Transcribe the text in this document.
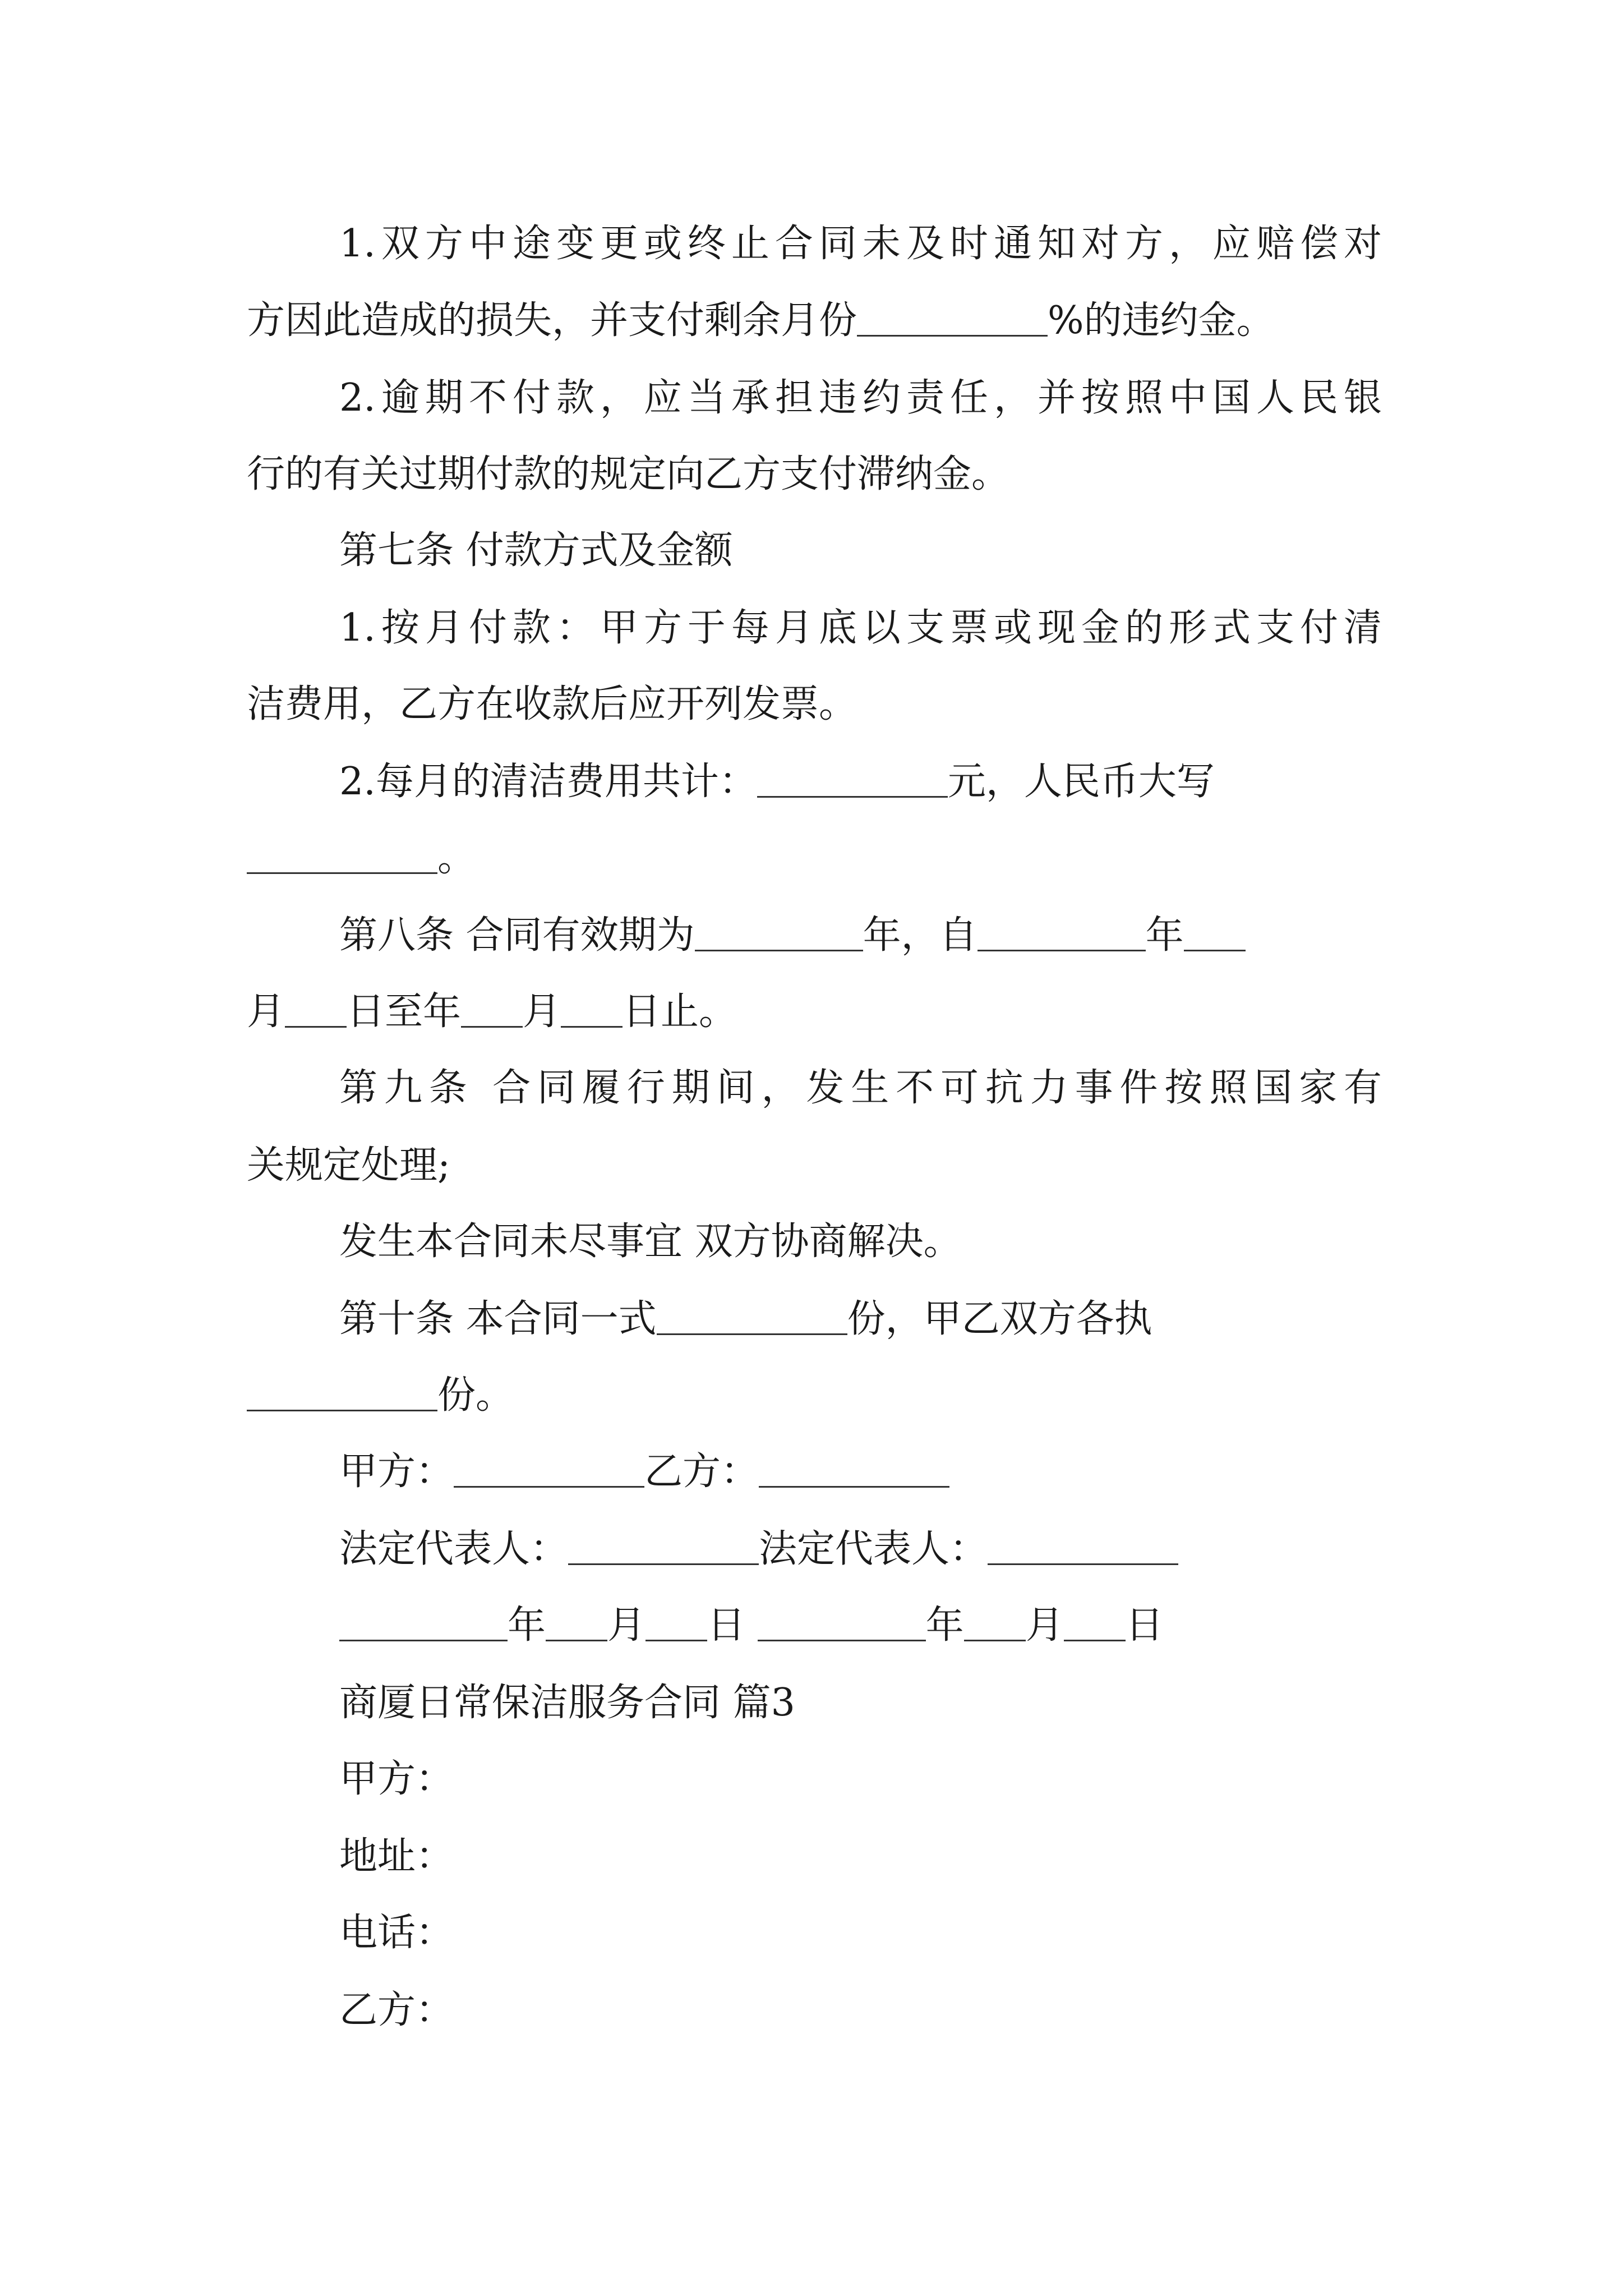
1.双方中途变更或终止合同未及时通知对方，应赔偿对
方因此造成的损失，并支付剩余月份	%的违约金。
2.逾期不付款，应当承担违约责任，并按照中国人民银
行的有关过期付款的规定向乙方支付滞纳金。
第七条 付款方式及金额
1.按月付款：甲方于每月底以支票或现金的形式支付清
洁费用，乙方在收款后应开列发票。
2.每月的清洁费用共计：	元，人民币大写
。
第八条 合同有效期为	年，自	年
月 日至年 月 日止。
第九条 合同履行期间，发生不可抗力事件按照国家有
关规定处理;
发生本合同未尽事宜 双方协商解决。
第十条 本合同一式	份，甲乙双方各执
份。
甲方：	乙方：
法定代表人：	法定代表人：
年 月 日	年 月 日
商厦日常保洁服务合同 篇3
甲方：
地址：
电话：
乙方：
